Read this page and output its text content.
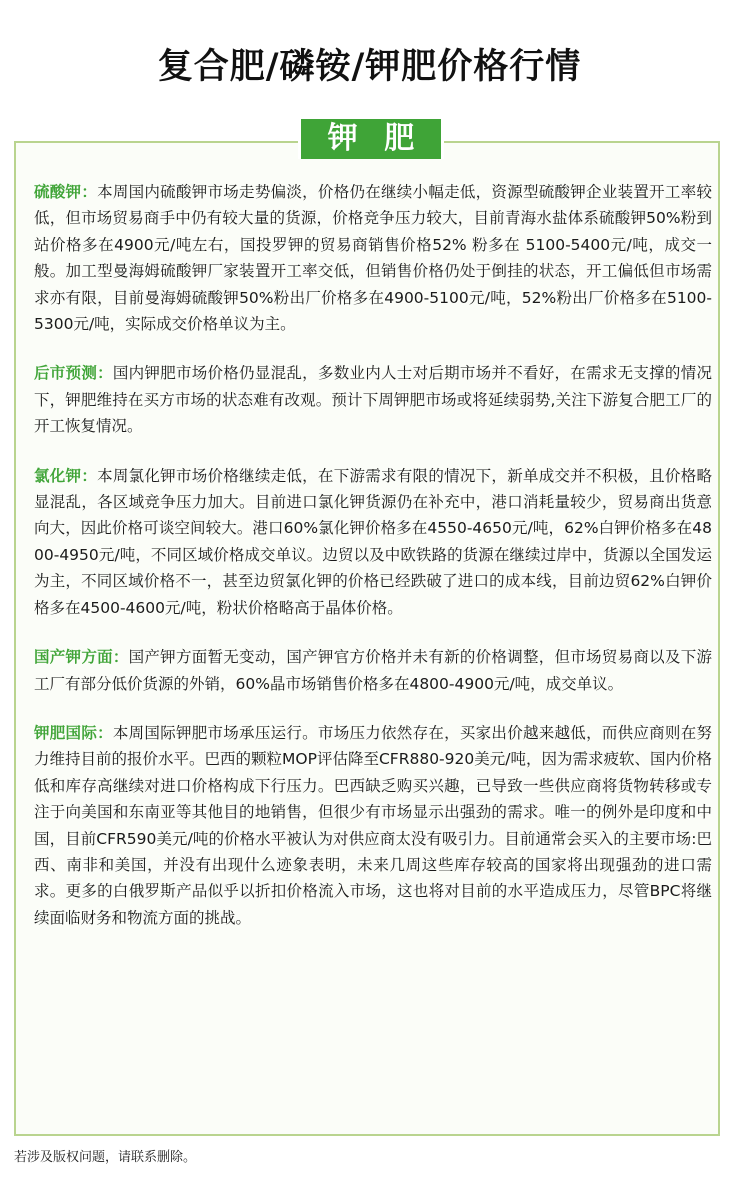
复合肥/磷铵/钾肥价格行情
钾 肥

硫酸钾：本周国内硫酸钾市场走势偏淡，价格仍在继续小幅走低，资源型硫酸钾企业装置开工率较低，但市场贸易商手中仍有较大量的货源，价格竞争压力较大，目前青海水盐体系硫酸钾50%粉到站价格多在4900元/吨左右，国投罗钾的贸易商销售价格52% 粉多在 5100-5400元/吨，成交一般。加工型曼海姆硫酸钾厂家装置开工率交低，但销售价格仍处于倒挂的状态，开工偏低但市场需求亦有限，目前曼海姆硫酸钾50%粉出厂价格多在4900-5100元/吨，52%粉出厂价格多在5100-5300元/吨，实际成交价格单议为主。

后市预测：国内钾肥市场价格仍显混乱，多数业内人士对后期市场并不看好，在需求无支撑的情况下，钾肥维持在买方市场的状态难有改观。预计下周钾肥市场或将延续弱势,关注下游复合肥工厂的开工恢复情况。

氯化钾：本周氯化钾市场价格继续走低，在下游需求有限的情况下，新单成交并不积极，且价格略显混乱，各区域竞争压力加大。目前进口氯化钾货源仍在补充中，港口消耗量较少，贸易商出货意向大，因此价格可谈空间较大。港口60%氯化钾价格多在4550-4650元/吨，62%白钾价格多在4800-4950元/吨，不同区域价格成交单议。边贸以及中欧铁路的货源在继续过岸中，货源以全国发运为主，不同区域价格不一，甚至边贸氯化钾的价格已经跌破了进口的成本线，目前边贸62%白钾价格多在4500-4600元/吨，粉状价格略高于晶体价格。

国产钾方面：国产钾方面暂无变动，国产钾官方价格并未有新的价格调整，但市场贸易商以及下游工厂有部分低价货源的外销，60%晶市场销售价格多在4800-4900元/吨，成交单议。

钾肥国际：本周国际钾肥市场承压运行。市场压力依然存在，买家出价越来越低，而供应商则在努力维持目前的报价水平。巴西的颗粒MOP评估降至CFR880-920美元/吨，因为需求疲软、国内价格低和库存高继续对进口价格构成下行压力。巴西缺乏购买兴趣，已导致一些供应商将货物转移或专注于向美国和东南亚等其他目的地销售，但很少有市场显示出强劲的需求。唯一的例外是印度和中国，目前CFR590美元/吨的价格水平被认为对供应商太没有吸引力。目前通常会买入的主要市场:巴西、南非和美国，并没有出现什么迹象表明，未来几周这些库存较高的国家将出现强劲的进口需求。更多的白俄罗斯产品似乎以折扣价格流入市场，这也将对目前的水平造成压力，尽管BPC将继续面临财务和物流方面的挑战。

若涉及版权问题，请联系删除。
